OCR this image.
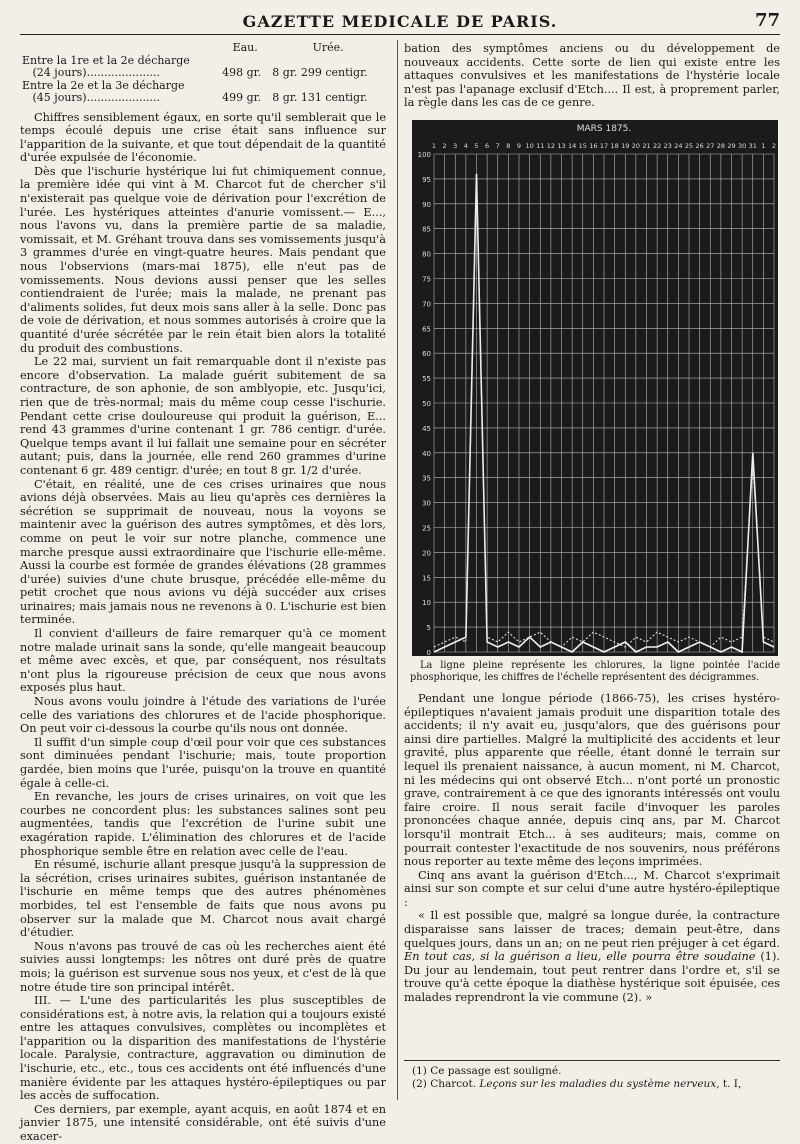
GAZETTE MEDICALE DE PARIS.	77
	Eau.	Urée.
Entre la 1re et la 2e décharge
(24 jours).....................	498 gr.	8 gr. 299 centigr.
Entre la 2e et la 3e décharge
(45 jours).....................	499 gr.	8 gr. 131 centigr.

Chiffres sensiblement égaux, en sorte qu'il semblerait que le temps écoulé depuis une crise était sans influence sur l'apparition de la suivante, et que tout dépendait de la quantité d'urée expulsée de l'économie.

Dès que l'ischurie hystérique lui fut chimiquement connue, la première idée qui vint à M. Charcot fut de chercher s'il n'existerait pas quelque voie de dérivation pour l'excrétion de l'urée. Les hystériques atteintes d'anurie vomissent.— E..., nous l'avons vu, dans la première partie de sa maladie, vomissait, et M. Gréhant trouva dans ses vomissements jusqu'à 3 grammes d'urée en vingt-quatre heures. Mais pendant que nous l'observions (mars-mai 1875), elle n'eut pas de vomissements. Nous devions aussi penser que les selles contiendraient de l'urée; mais la malade, ne prenant pas d'aliments solides, fut deux mois sans aller à la selle. Donc pas de voie de dérivation, et nous sommes autorisés à croire que la quantité d'urée sécrétée par le rein était bien alors la totalité du produit des combustions.

Le 22 mai, survient un fait remarquable dont il n'existe pas encore d'observation. La malade guérit subitement de sa contracture, de son aphonie, de son amblyopie, etc. Jusqu'ici, rien que de très-normal; mais du même coup cesse l'ischurie. Pendant cette crise douloureuse qui produit la guérison, E... rend 43 grammes d'urine contenant 1 gr. 786 centigr. d'urée. Quelque temps avant il lui fallait une semaine pour en sécréter autant; puis, dans la journée, elle rend 260 grammes d'urine contenant 6 gr. 489 centigr. d'urée; en tout 8 gr. 1/2 d'urée.

C'était, en réalité, une de ces crises urinaires que nous avions déjà observées. Mais au lieu qu'après ces dernières la sécrétion se supprimait de nouveau, nous la voyons se maintenir avec la guérison des autres symptômes, et dès lors, comme on peut le voir sur notre planche, commence une marche presque aussi extraordinaire que l'ischurie elle-même. Aussi la courbe est formée de grandes élévations (28 grammes d'urée) suivies d'une chute brusque, précédée elle-même du petit crochet que nous avions vu déjà succéder aux crises urinaires; mais jamais nous ne revenons à 0. L'ischurie est bien terminée.

Il convient d'ailleurs de faire remarquer qu'à ce moment notre malade urinait sans la sonde, qu'elle mangeait beaucoup et même avec excès, et que, par conséquent, nos résultats n'ont plus la rigoureuse précision de ceux que nous avons exposés plus haut.

Nous avons voulu joindre à l'étude des variations de l'urée celle des variations des chlorures et de l'acide phosphorique. On peut voir ci-dessous la courbe qu'ils nous ont donnée.

Il suffit d'un simple coup d'œil pour voir que ces substances sont diminuées pendant l'ischurie; mais, toute proportion gardée, bien moins que l'urée, puisqu'on la trouve en quantité égale à celle-ci.

En revanche, les jours de crises urinaires, on voit que les courbes ne concordent plus: les substances salines sont peu augmentées, tandis que l'excrétion de l'urine subit une exagération rapide. L'élimination des chlorures et de l'acide phosphorique semble être en relation avec celle de l'eau.

En résumé, ischurie allant presque jusqu'à la suppression de la sécrétion, crises urinaires subites, guérison instantanée de l'ischurie en même temps que des autres phénomènes morbides, tel est l'ensemble de faits que nous avons pu observer sur la malade que M. Charcot nous avait chargé d'étudier.

Nous n'avons pas trouvé de cas où les recherches aient été suivies aussi longtemps: les nôtres ont duré près de quatre mois; la guérison est survenue sous nos yeux, et c'est de là que notre étude tire son principal intérêt.

III. — L'une des particularités les plus susceptibles de considérations est, à notre avis, la relation qui a toujours existé entre les attaques convulsives, complètes ou incomplètes et l'apparition ou la disparition des manifestations de l'hystérie locale. Paralysie, contracture, aggravation ou diminution de l'ischurie, etc., etc., tous ces accidents ont été influencés d'une manière évidente par les attaques hystéro-épileptiques ou par les accès de suffocation.

Ces derniers, par exemple, ayant acquis, en août 1874 et en janvier 1875, une intensité considérable, ont été suivis d'une exacer-

bation des symptômes anciens ou du développement de nouveaux accidents. Cette sorte de lien qui existe entre les attaques convulsives et les manifestations de l'hystérie locale n'est pas l'apanage exclusif d'Etch.... Il est, à proprement parler, la règle dans les cas de ce genre.

MARS 1875.
1 2 3 4 5 6 7 8 9 10 11 12 13 14 15 16 17 18 19 20 21 22 23 24 25 26 27 28 29 30 31 1 2
100
95
90
85
80
75
70
65
60
55
50
45
40
35
30
25
20
15
10
5
0
La ligne pleine représente les chlorures, la ligne pointée l'acide phosphorique, les chiffres de l'échelle représentent des décigrammes.

Pendant une longue période (1866-75), les crises hystéro-épileptiques n'avaient jamais produit une disparition totale des accidents; il n'y avait eu, jusqu'alors, que des guérisons pour ainsi dire partielles. Malgré la multiplicité des accidents et leur gravité, plus apparente que réelle, étant donné le terrain sur lequel ils prenaient naissance, à aucun moment, ni M. Charcot, ni les médecins qui ont observé Etch... n'ont porté un pronostic grave, contrairement à ce que des ignorants intéressés ont voulu faire croire. Il nous serait facile d'invoquer les paroles prononcées chaque année, depuis cinq ans, par M. Charcot lorsqu'il montrait Etch... à ses auditeurs; mais, comme on pourrait contester l'exactitude de nos souvenirs, nous préférons nous reporter au texte même des leçons imprimées.

Cinq ans avant la guérison d'Etch..., M. Charcot s'exprimait ainsi sur son compte et sur celui d'une autre hystéro-épileptique :

« Il est possible que, malgré sa longue durée, la contracture disparaisse sans laisser de traces; demain peut-être, dans quelques jours, dans un an; on ne peut rien préjuger à cet égard. En tout cas, si la guérison a lieu, elle pourra être soudaine (1). Du jour au lendemain, tout peut rentrer dans l'ordre et, s'il se trouve qu'à cette époque la diathèse hystérique soit épuisée, ces malades reprendront la vie commune (2). »

(1) Ce passage est souligné.
(2) Charcot. Leçons sur les maladies du système nerveux, t. I,
